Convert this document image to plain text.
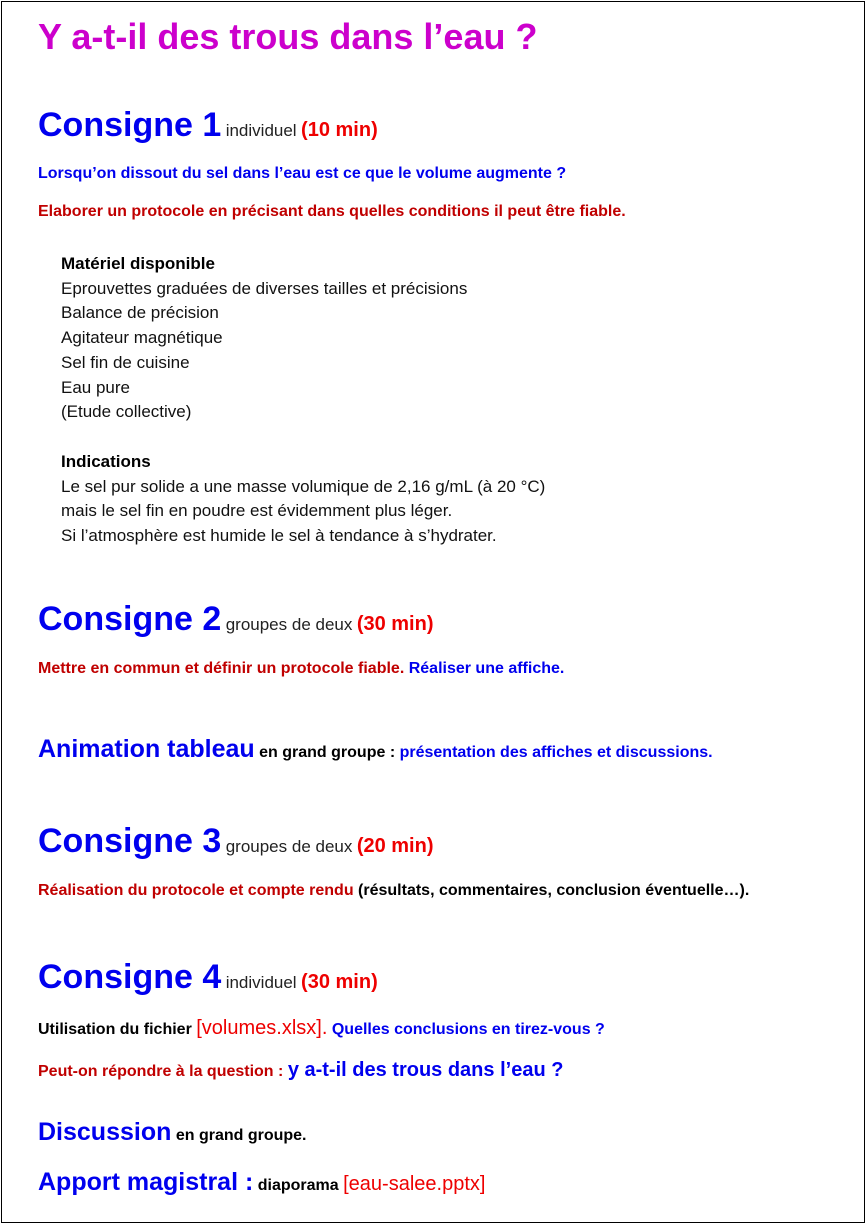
Y a-t-il des trous dans l’eau ?
Consigne 1 individuel (10 min)
Lorsqu’on dissout du sel dans l’eau est ce que le volume augmente ?
Elaborer un protocole en précisant dans quelles conditions il peut être fiable.
Matériel disponible
Eprouvettes graduées de diverses tailles et précisions
Balance de précision
Agitateur magnétique
Sel fin de cuisine
Eau pure
(Etude collective)
Indications
Le sel pur solide a une masse volumique de 2,16 g/mL (à 20 °C)
mais le sel fin en poudre est évidemment plus léger.
Si l’atmosphère est humide le sel à tendance à s’hydrater.
Consigne 2 groupes de deux (30 min)
Mettre en commun et définir un protocole fiable. Réaliser une affiche.
Animation tableau en grand groupe : présentation des affiches et discussions.
Consigne 3 groupes de deux (20 min)
Réalisation du protocole et compte rendu (résultats, commentaires, conclusion éventuelle…).
Consigne 4 individuel (30 min)
Utilisation du fichier [volumes.xlsx]. Quelles conclusions en tirez-vous ?
Peut-on répondre à la question : y a-t-il des trous dans l’eau ?
Discussion en grand groupe.
Apport magistral : diaporama [eau-salee.pptx]
